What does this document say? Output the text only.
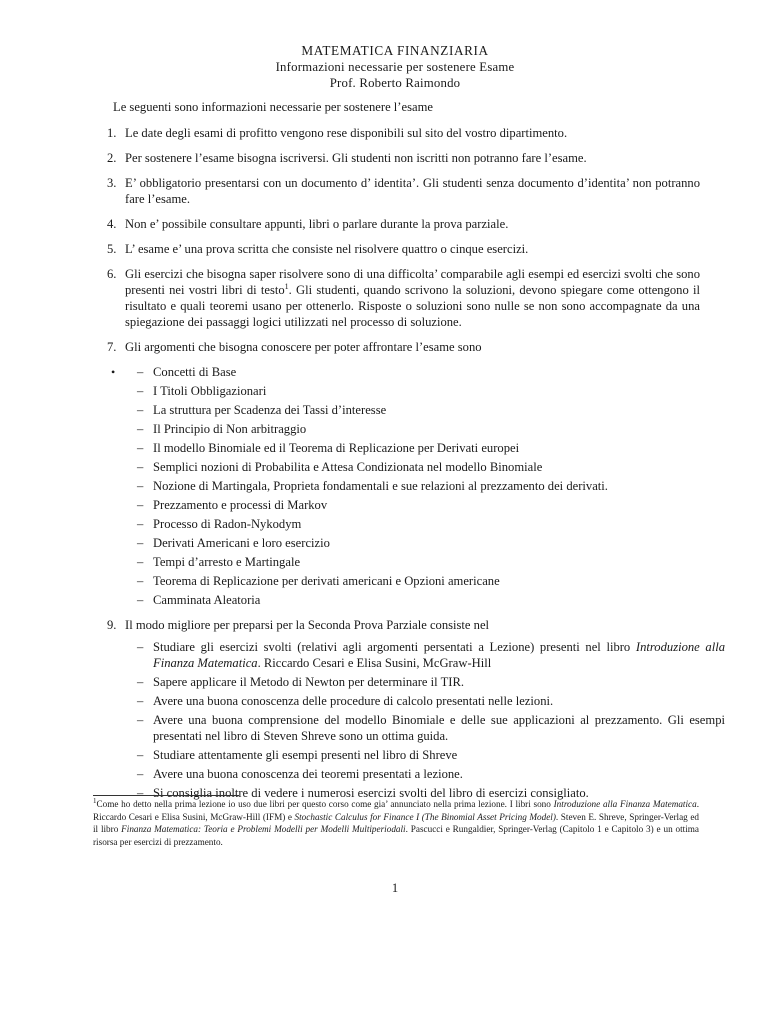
MATEMATICA FINANZIARIA
Informazioni necessarie per sostenere Esame
Prof. Roberto Raimondo
Le seguenti sono informazioni necessarie per sostenere l’esame
1. Le date degli esami di profitto vengono rese disponibili sul sito del vostro dipartimento.
2. Per sostenere l’esame bisogna iscriversi. Gli studenti non iscritti non potranno fare l’esame.
3. E’ obbligatorio presentarsi con un documento d’ identita’. Gli studenti senza documento d’identita’ non potranno fare l’esame.
4. Non e’ possibile consultare appunti, libri o parlare durante la prova parziale.
5. L’ esame e’ una prova scritta che consiste nel risolvere quattro o cinque esercizi.
6. Gli esercizi che bisogna saper risolvere sono di una difficolta’ comparabile agli esempi ed esercizi svolti che sono presenti nei vostri libri di testo$^1$. Gli studenti, quando scrivono la soluzioni, devono spiegare come ottengono il risultato e quali teoremi usano per ottenerlo. Risposte o soluzioni sono nulle se non sono accompagnate da una spiegazione dei passaggi logici utilizzati nel processo di soluzione.
7. Gli argomenti che bisogna conoscere per poter affrontare l’esame sono
• – Concetti di Base
– I Titoli Obbligazionari
– La struttura per Scadenza dei Tassi d’interesse
– Il Principio di Non arbitraggio
– Il modello Binomiale ed il Teorema di Replicazione per Derivati europei
– Semplici nozioni di Probabilita e Attesa Condizionata nel modello Binomiale
– Nozione di Martingala, Proprieta fondamentali e sue relazioni al prezzamento dei derivati.
– Prezzamento e processi di Markov
– Processo di Radon-Nykodym
– Derivati Americani e loro esercizio
– Tempi d’arresto e Martingale
– Teorema di Replicazione per derivati americani e Opzioni americane
– Camminata Aleatoria
9. Il modo migliore per preparsi per la Seconda Prova Parziale consiste nel
– Studiare gli esercizi svolti (relativi agli argomenti persentati a Lezione) presenti nel libro Introduzione alla Finanza Matematica. Riccardo Cesari e Elisa Susini, McGraw-Hill
– Sapere applicare il Metodo di Newton per determinare il TIR.
– Avere una buona conoscenza delle procedure di calcolo presentati nelle lezioni.
– Avere una buona comprensione del modello Binomiale e delle sue applicazioni al prezzamento. Gli esempi presentati nel libro di Steven Shreve sono un ottima guida.
– Studiare attentamente gli esempi presenti nel libro di Shreve
– Avere una buona conoscenza dei teoremi presentati a lezione.
– Si consiglia inoltre di vedere i numerosi esercizi svolti del libro di esercizi consigliato.
$^1$Come ho detto nella prima lezione io uso due libri per questo corso come gia’ annunciato nella prima lezione. I libri sono Introduzione alla Finanza Matematica. Riccardo Cesari e Elisa Susini, McGraw-Hill (IFM) e Stochastic Calculus for Finance I (The Binomial Asset Pricing Model). Steven E. Shreve, Springer-Verlag ed il libro Finanza Matematica: Teoria e Problemi Modelli per Modelli Multiperiodali. Pascucci e Rungaldier, Springer-Verlag (Capitolo 1 e Capitolo 3) e un ottima risorsa per esercizi di prezzamento.
1
